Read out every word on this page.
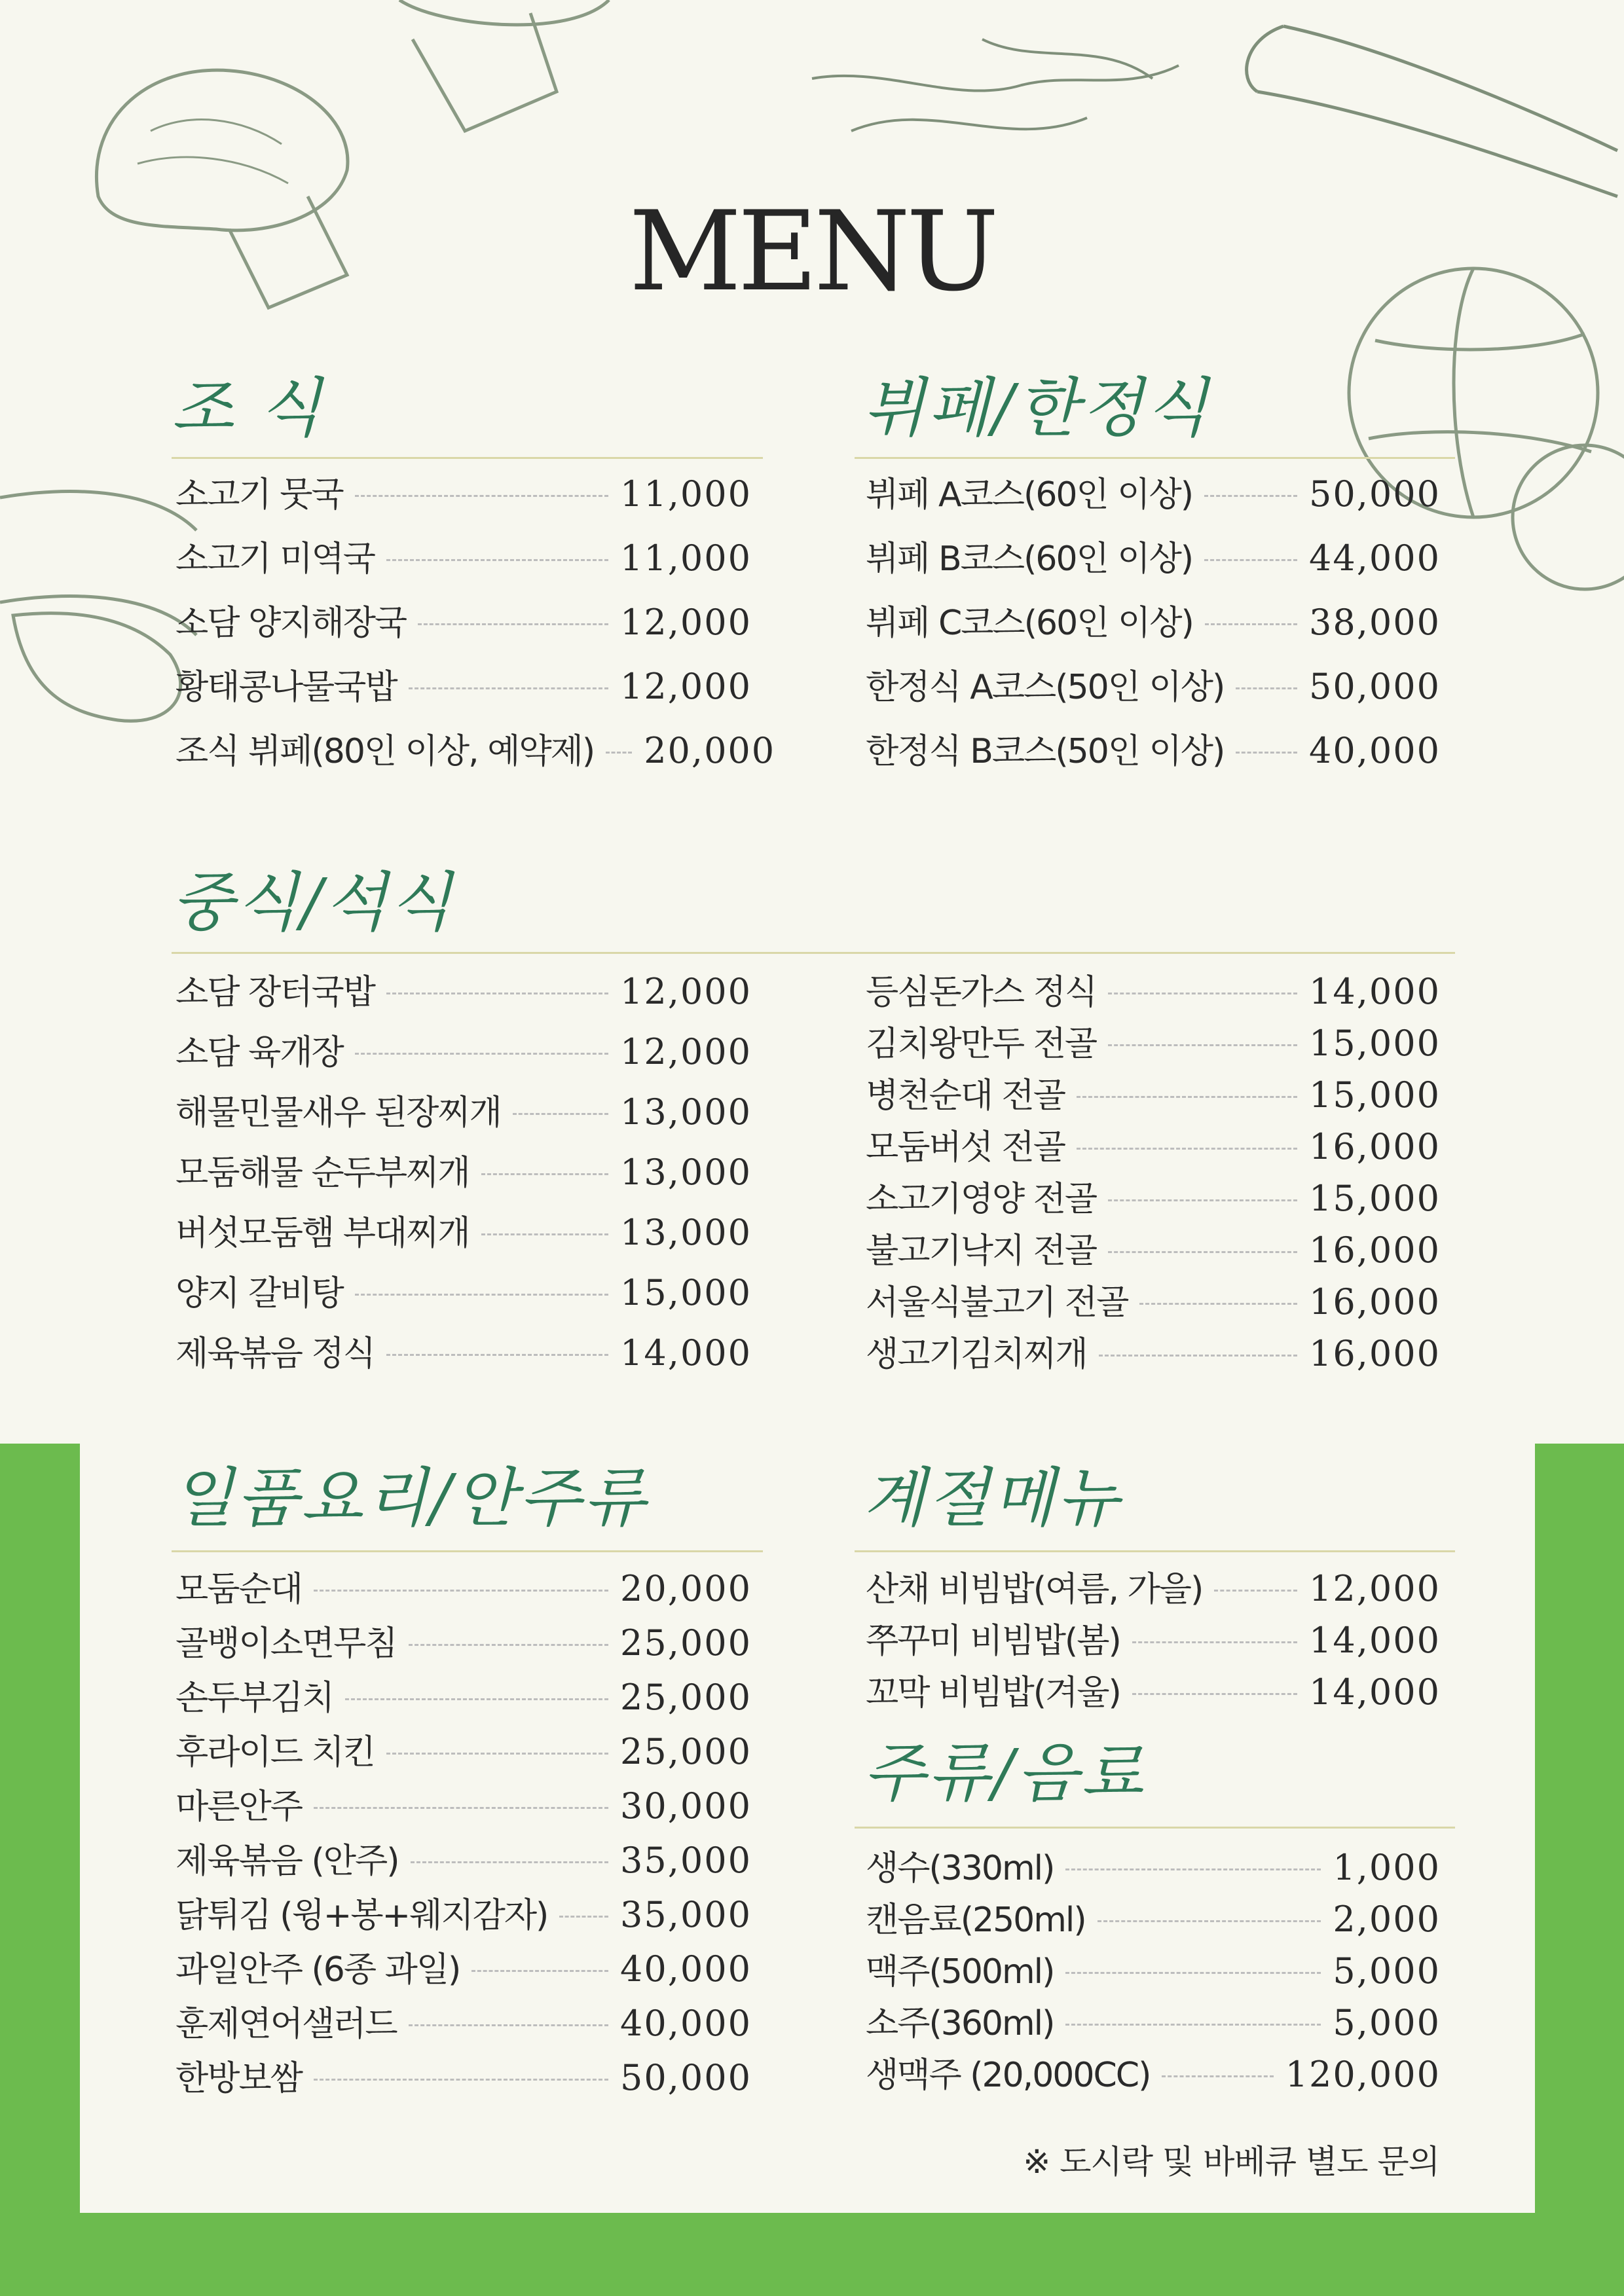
MENU
조 식
소고기 뭇국	11,000
소고기 미역국	11,000
소담 양지해장국	12,000
황태콩나물국밥	12,000
조식 뷔페(80인 이상, 예약제) 20,000
뷔페/한정식
뷔페 A코스(60인 이상)	50,000
뷔페 B코스(60인 이상)	44,000
뷔페 C코스(60인 이상)	38,000
한정식 A코스(50인 이상) 50,000
한정식 B코스(50인 이상) 40,000
중식/석식
소담 장터국밥	12,000
소담 육개장	12,000
해물민물새우 된장찌개	13,000
모둠해물 순두부찌개	13,000
버섯모둠햄 부대찌개	13,000
양지 갈비탕	15,000
제육볶음 정식	14,000
등심돈가스 정식	14,000
김치왕만두 전골	15,000
병천순대 전골	15,000
모둠버섯 전골	16,000
소고기영양 전골	15,000
불고기낙지 전골	16,000
서울식불고기 전골	16,000
생고기김치찌개	16,000
일품요리/안주류
모둠순대	20,000
골뱅이소면무침	25,000
손두부김치	25,000
후라이드 치킨	25,000
마른안주	30,000
제육볶음 (안주)	35,000
닭튀김 (윙+봉+웨지감자) 35,000
과일안주 (6종 과일)	40,000
훈제연어샐러드	40,000
한방보쌈	50,000
계절메뉴
산채 비빔밥(여름, 가을)	12,000
쭈꾸미 비빔밥(봄)	14,000
꼬막 비빔밥(겨울)	14,000
주류/음료
생수(330ml)	1,000
캔음료(250ml)	2,000
맥주(500ml)	5,000
소주(360ml)	5,000
생맥주 (20,000CC)	120,000
※ 도시락 및 바베큐 별도 문의
